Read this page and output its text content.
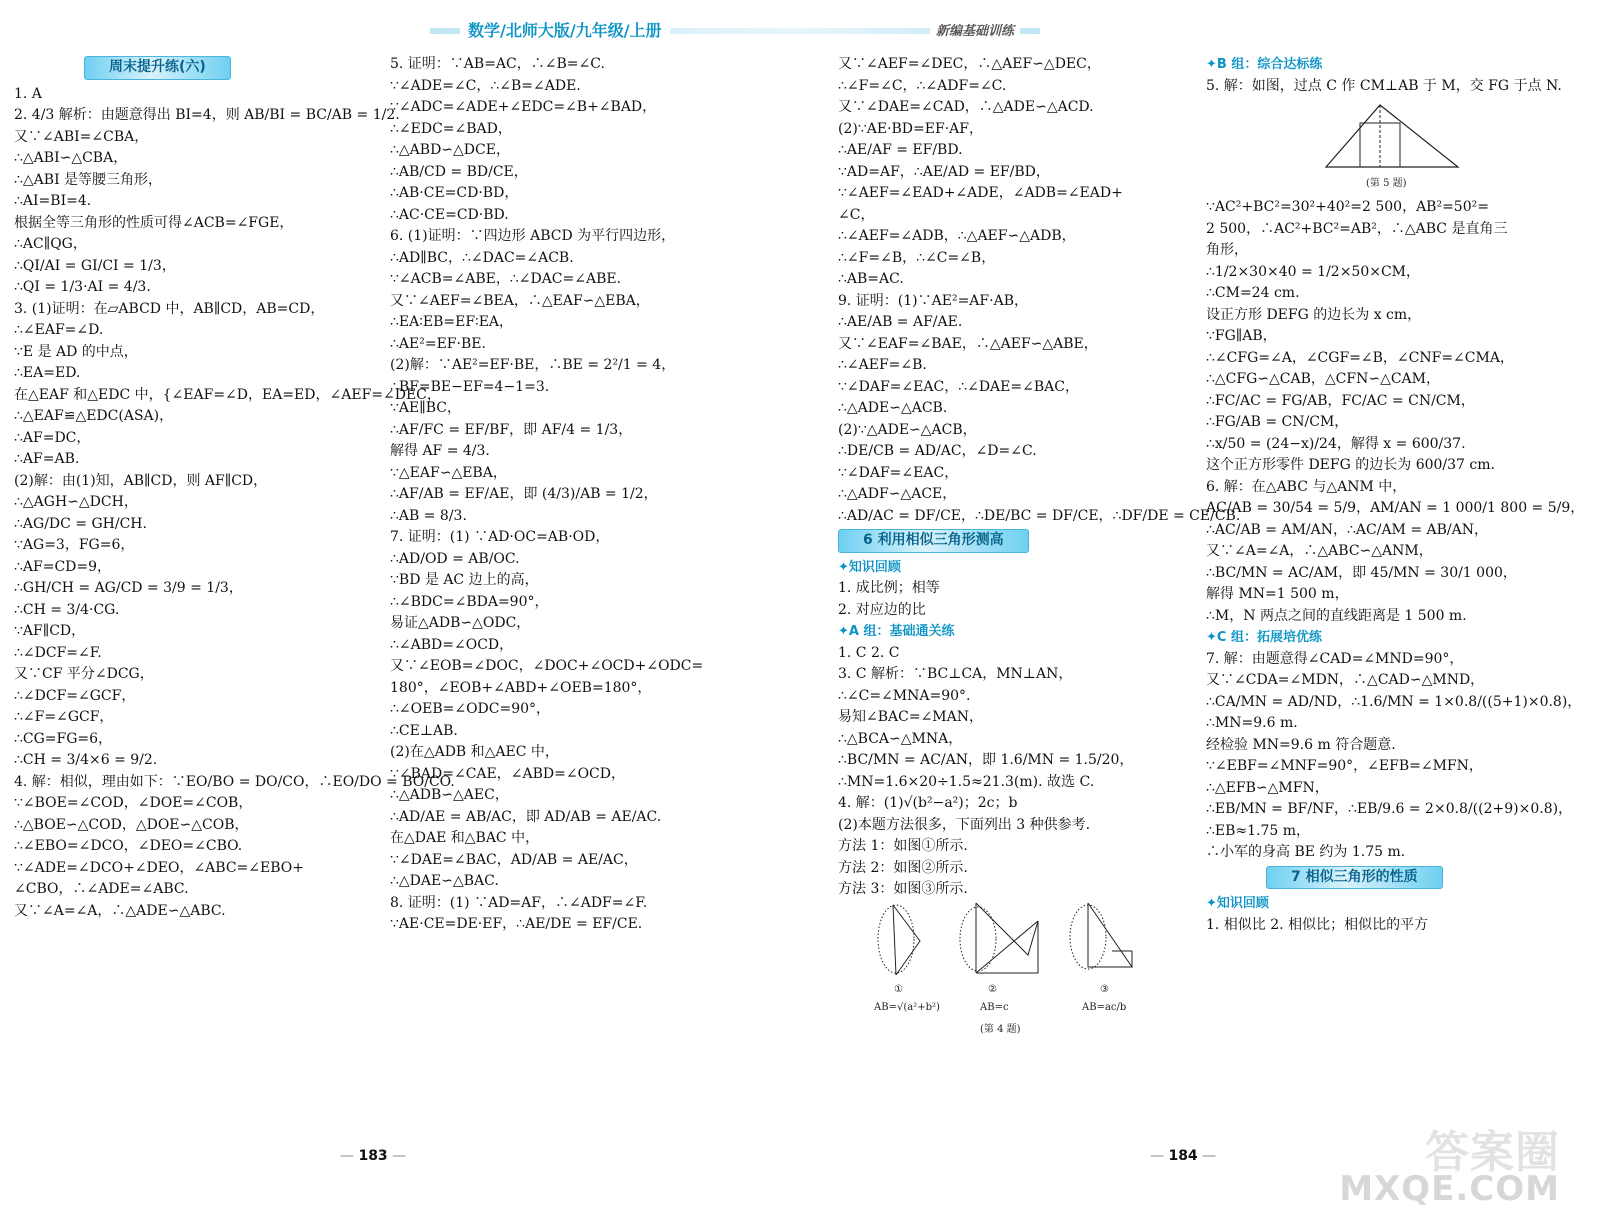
数学/北师大版/九年级/上册	新编基础训练
周末提升练(六)
1. A
2. 4/3 解析：由题意得出 BI=4，则 AB/BI = BC/AB = 1/2.
又∵∠ABI=∠CBA，
∴△ABI∽△CBA，
∴△ABI 是等腰三角形，
∴AI=BI=4.
根据全等三角形的性质可得∠ACB=∠FGE，
∴AC∥QG，
∴QI/AI = GI/CI = 1/3，
∴QI = 1/3·AI = 4/3.
3. (1)证明：在▱ABCD 中，AB∥CD，AB=CD，
∴∠EAF=∠D.
∵E 是 AD 的中点，
∴EA=ED.
在△EAF 和△EDC 中，{∠EAF=∠D，EA=ED，∠AEF=∠DEC，
∴△EAF≌△EDC(ASA)，
∴AF=DC，
∴AF=AB.
(2)解：由(1)知，AB∥CD，则 AF∥CD，
∴△AGH∽△DCH，
∴AG/DC = GH/CH.
∵AG=3，FG=6，
∴AF=CD=9，
∴GH/CH = AG/CD = 3/9 = 1/3，
∴CH = 3/4·CG.
∵AF∥CD，
∴∠DCF=∠F.
又∵CF 平分∠DCG，
∴∠DCF=∠GCF，
∴∠F=∠GCF，
∴CG=FG=6，
∴CH = 3/4×6 = 9/2.
4. 解：相似，理由如下：∵EO/BO = DO/CO，∴EO/DO = BO/CO.
∵∠BOE=∠COD，∠DOE=∠COB，
∴△BOE∽△COD，△DOE∽△COB，
∴∠EBO=∠DCO，∠DEO=∠CBO.
∵∠ADE=∠DCO+∠DEO，∠ABC=∠EBO+
∠CBO，∴∠ADE=∠ABC.
又∵∠A=∠A，∴△ADE∽△ABC.
5. 证明：∵AB=AC，∴∠B=∠C.
∵∠ADE=∠C，∴∠B=∠ADE.
∵∠ADC=∠ADE+∠EDC=∠B+∠BAD，
∴∠EDC=∠BAD，
∴△ABD∽△DCE，
∴AB/CD = BD/CE，
∴AB·CE=CD·BD，
∴AC·CE=CD·BD.
6. (1)证明：∵四边形 ABCD 为平行四边形，
∴AD∥BC，∴∠DAC=∠ACB.
∵∠ACB=∠ABE，∴∠DAC=∠ABE.
又∵∠AEF=∠BEA，∴△EAF∽△EBA，
∴EA∶EB=EF∶EA，
∴AE²=EF·BE.
(2)解：∵AE²=EF·BE，∴BE = 2²/1 = 4，
∴BF=BE−EF=4−1=3.
∵AE∥BC，
∴AF/FC = EF/BF，即 AF/4 = 1/3，
解得 AF = 4/3.
∵△EAF∽△EBA，
∴AF/AB = EF/AE，即 (4/3)/AB = 1/2，
∴AB = 8/3.
7. 证明：(1) ∵AD·OC=AB·OD，
∴AD/OD = AB/OC.
∵BD 是 AC 边上的高，
∴∠BDC=∠BDA=90°，
易证△ADB∽△ODC，
∴∠ABD=∠OCD，
又∵∠EOB=∠DOC，∠DOC+∠OCD+∠ODC=
180°，∠EOB+∠ABD+∠OEB=180°，
∴∠OEB=∠ODC=90°，
∴CE⊥AB.
(2)在△ADB 和△AEC 中，
∵∠BAD=∠CAE，∠ABD=∠OCD，
∴△ADB∽△AEC，
∴AD/AE = AB/AC，即 AD/AB = AE/AC.
在△DAE 和△BAC 中，
∵∠DAE=∠BAC，AD/AB = AE/AC，
∴△DAE∽△BAC.
8. 证明：(1) ∵AD=AF，∴∠ADF=∠F.
∵AE·CE=DE·EF，∴AE/DE = EF/CE.
又∵∠AEF=∠DEC，∴△AEF∽△DEC，
∴∠F=∠C，∴∠ADF=∠C.
又∵∠DAE=∠CAD，∴△ADE∽△ACD.
(2)∵AE·BD=EF·AF，
∴AE/AF = EF/BD.
∵AD=AF，∴AE/AD = EF/BD，
∵∠AEF=∠EAD+∠ADE，∠ADB=∠EAD+
∠C，
∴∠AEF=∠ADB，∴△AEF∽△ADB，
∴∠F=∠B，∴∠C=∠B，
∴AB=AC.
9. 证明：(1)∵AE²=AF·AB，
∴AE/AB = AF/AE.
又∵∠EAF=∠BAE，∴△AEF∽△ABE，
∴∠AEF=∠B.
∵∠DAF=∠EAC，∴∠DAE=∠BAC，
∴△ADE∽△ACB.
(2)∵△ADE∽△ACB，
∴DE/CB = AD/AC，∠D=∠C.
∵∠DAF=∠EAC，
∴△ADF∽△ACE，
∴AD/AC = DF/CE，∴DE/BC = DF/CE，∴DF/DE = CE/CB.
6 利用相似三角形测高
✦知识回顾
1. 成比例；相等
2. 对应边的比
✦A 组：基础通关练
1. C 2. C
3. C 解析：∵BC⊥CA，MN⊥AN，
∴∠C=∠MNA=90°.
易知∠BAC=∠MAN，
∴△BCA∽△MNA，
∴BC/MN = AC/AN，即 1.6/MN = 1.5/20，
∴MN=1.6×20÷1.5≈21.3(m). 故选 C.
4. 解：(1)√(b²−a²)；2c；b
(2)本题方法很多，下面列出 3 种供参考.
方法 1：如图①所示.
方法 2：如图②所示.
方法 3：如图③所示.
①	②	③
AB=√(a²+b²)	AB=c	AB=ac/b
(第 4 题)
✦B 组：综合达标练
5. 解：如图，过点 C 作 CM⊥AB 于 M，交 FG 于点 N.
(第 5 题)
∵AC²+BC²=30²+40²=2 500，AB²=50²=
2 500，∴AC²+BC²=AB²，∴△ABC 是直角三
角形，
∴1/2×30×40 = 1/2×50×CM，
∴CM=24 cm.
设正方形 DEFG 的边长为 x cm，
∵FG∥AB，
∴∠CFG=∠A，∠CGF=∠B，∠CNF=∠CMA，
∴△CFG∽△CAB，△CFN∽△CAM，
∴FC/AC = FG/AB，FC/AC = CN/CM，
∴FG/AB = CN/CM，
∴x/50 = (24−x)/24，解得 x = 600/37.
这个正方形零件 DEFG 的边长为 600/37 cm.
6. 解：在△ABC 与△ANM 中，
AC/AB = 30/54 = 5/9，AM/AN = 1 000/1 800 = 5/9，
∴AC/AB = AM/AN，∴AC/AM = AB/AN，
又∵∠A=∠A，∴△ABC∽△ANM，
∴BC/MN = AC/AM，即 45/MN = 30/1 000，
解得 MN=1 500 m，
∴M，N 两点之间的直线距离是 1 500 m.
✦C 组：拓展培优练
7. 解：由题意得∠CAD=∠MND=90°，
又∵∠CDA=∠MDN，∴△CAD∽△MND，
∴CA/MN = AD/ND，∴1.6/MN = 1×0.8/((5+1)×0.8)，
∴MN=9.6 m.
经检验 MN=9.6 m 符合题意.
∵∠EBF=∠MNF=90°，∠EFB=∠MFN，
∴△EFB∽△MFN，
∴EB/MN = BF/NF，∴EB/9.6 = 2×0.8/((2+9)×0.8)，
∴EB≈1.75 m，
∴小军的身高 BE 约为 1.75 m.
7 相似三角形的性质
✦知识回顾
1. 相似比 2. 相似比；相似比的平方
— 183 —	— 184 —	答案圈
MXQE.COM
